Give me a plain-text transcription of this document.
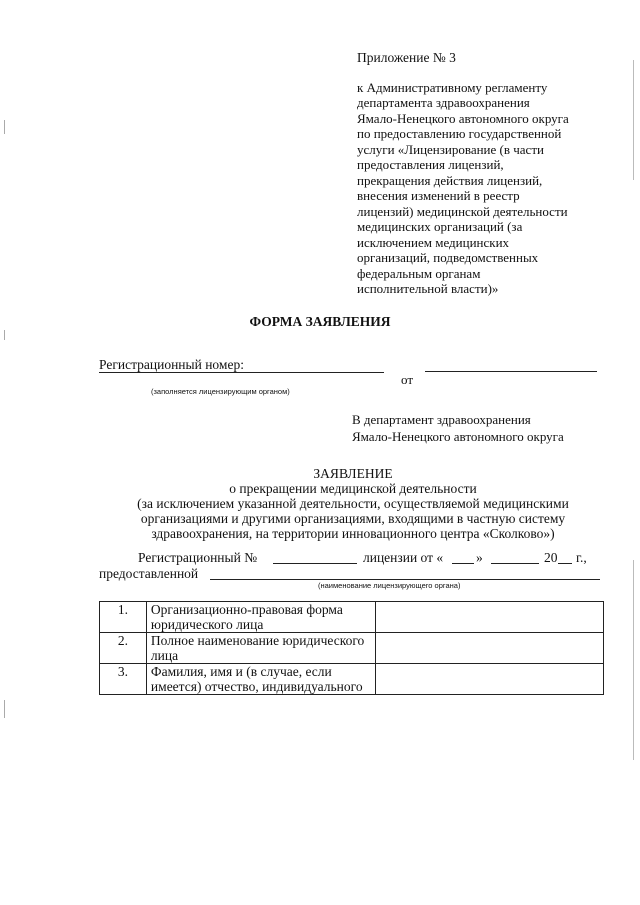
Приложение № 3
к Административному регламенту
департамента здравоохранения
Ямало-Ненецкого автономного округа
по предоставлению государственной
услуги «Лицензирование (в части
предоставления лицензий,
прекращения действия лицензий,
внесения изменений в реестр
лицензий) медицинской деятельности
медицинских организаций (за
исключением медицинских
организаций, подведомственных
федеральным органам
исполнительной власти)»
ФОРМА ЗАЯВЛЕНИЯ
Регистрационный номер:
от
(заполняется лицензирующим органом)
В департамент здравоохранения
Ямало-Ненецкого автономного округа
ЗАЯВЛЕНИЕ
о прекращении медицинской деятельности
(за исключением указанной деятельности, осуществляемой медицинскими
организациями и другими организациями, входящими в частную систему
здравоохранения, на территории инновационного центра «Сколково»)
Регистрационный №	лицензии от « »	20 г.,
предоставленной
(наименование лицензирующего органа)
1.	Организационно-правовая форма юридического лица	
2.	Полное наименование юридического лица	
3.	Фамилия, имя и (в случае, если имеется) отчество, индивидуального	
